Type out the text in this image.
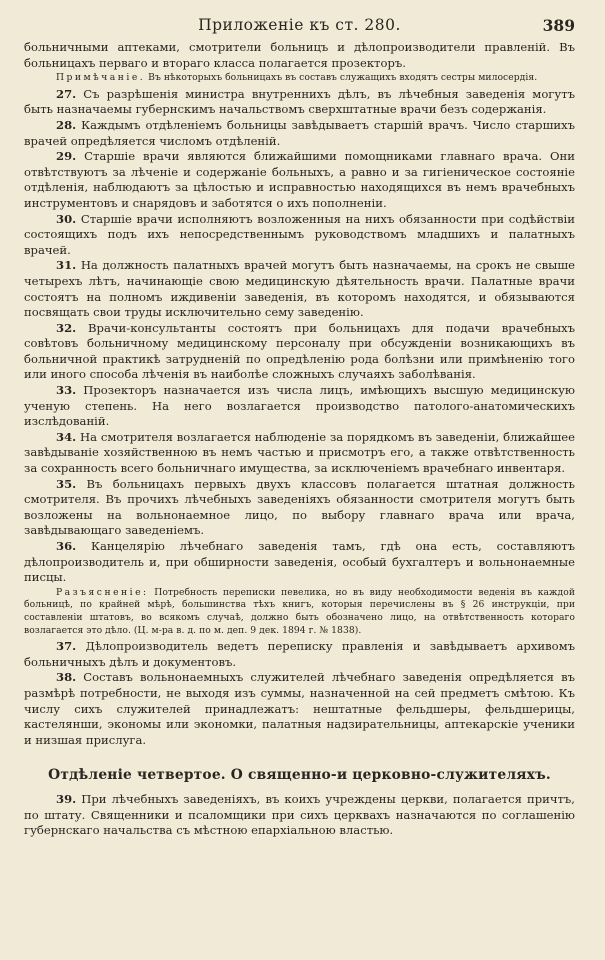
Приложеніе къ ст. 280.	389

больничными аптеками, смотрители больницъ и дѣлопроизводители правленій. Въ больницахъ перваго и втораго класса полагается прозекторъ.

Примѣчаніе. Въ нѣкоторыхъ больницахъ въ составъ служащихъ входятъ сестры милосердія.

27. Съ разрѣшенія министра внутреннихъ дѣлъ, въ лѣчебныя заведенія могутъ быть назначаемы губернскимъ начальствомъ сверхштатные врачи безъ содержанія.

28. Каждымъ отдѣленіемъ больницы завѣдываетъ старшій врачъ. Число старшихъ врачей опредѣляется числомъ отдѣленій.

29. Старшіе врачи являются ближайшими помощниками главнаго врача. Они отвѣтствуютъ за лѣченіе и содержаніе больныхъ, а равно и за гигіеническое состояніе отдѣленія, наблюдаютъ за цѣлостью и исправностью находящихся въ немъ врачебныхъ инструментовъ и снарядовъ и заботятся о ихъ пополненіи.

30. Старшіе врачи исполняютъ возложенныя на нихъ обязанности при содѣйствіи состоящихъ подъ ихъ непосредственнымъ руководствомъ младшихъ и палатныхъ врачей.

31. На должность палатныхъ врачей могутъ быть назначаемы, на срокъ не свыше четырехъ лѣтъ, начинающіе свою медицинскую дѣятельность врачи. Палатные врачи состоятъ на полномъ иждивеніи заведенія, въ которомъ находятся, и обязываются посвящать свои труды исключительно сему заведенію.

32. Врачи-консультанты состоятъ при больницахъ для подачи врачебныхъ совѣтовъ больничному медицинскому персоналу при обсужденіи возникающихъ въ больничной практикѣ затрудненій по опредѣленію рода болѣзни или примѣненію того или иного способа лѣченія въ наиболѣе сложныхъ случаяхъ заболѣванія.

33. Прозекторъ назначается изъ числа лицъ, имѣющихъ высшую медицинскую ученую степень. На него возлагается производство патолого-анатомическихъ изслѣдованій.

34. На смотрителя возлагается наблюденіе за порядкомъ въ заведеніи, ближайшее завѣдываніе хозяйственною въ немъ частью и присмотръ его, а также отвѣтственность за сохранность всего больничнаго имущества, за исключеніемъ врачебнаго инвентаря.

35. Въ больницахъ первыхъ двухъ классовъ полагается штатная должность смотрителя. Въ прочихъ лѣчебныхъ заведеніяхъ обязанности смотрителя могутъ быть возложены на вольнонаемное лицо, по выбору главнаго врача или врача, завѣдывающаго заведеніемъ.

36. Канцелярію лѣчебнаго заведенія тамъ, гдѣ она есть, составляютъ дѣлопроизводитель и, при обширности заведенія, особый бухгалтеръ и вольнонаемные писцы.

Разъясненіе: Потребность переписки певелика, но въ виду необходимости веденія въ каждой больницѣ, по крайней мѣрѣ, большинства тѣхъ книгъ, которыя перечислены въ § 26 инструкціи, при составленіи штатовъ, во всякомъ случаѣ, должно быть обозначено лицо, на отвѣтственность котораго возлагается это дѣло. (Ц. м-ра в. д. по м. деп. 9 дек. 1894 г. № 1838).

37. Дѣлопроизводитель ведетъ переписку правленія и завѣдываетъ архивомъ больничныхъ дѣлъ и документовъ.

38. Составъ вольнонаемныхъ служителей лѣчебнаго заведенія опредѣляется въ размѣрѣ потребности, не выходя изъ суммы, назначенной на сей предметъ смѣтою. Къ числу сихъ служителей принадлежатъ: нештатные фельдшеры, фельдшерицы, кастелянши, экономы или экономки, палатныя надзирательницы, аптекарскіе ученики и низшая прислуга.

Отдѣленіе четвертое. О священно-и церковно-служителяхъ.

39. При лѣчебныхъ заведеніяхъ, въ коихъ учреждены церкви, полагается причтъ, по штату. Священники и псаломщики при сихъ церквахъ назначаются по соглашенію губернскаго начальства съ мѣстною епархіальною властью.
